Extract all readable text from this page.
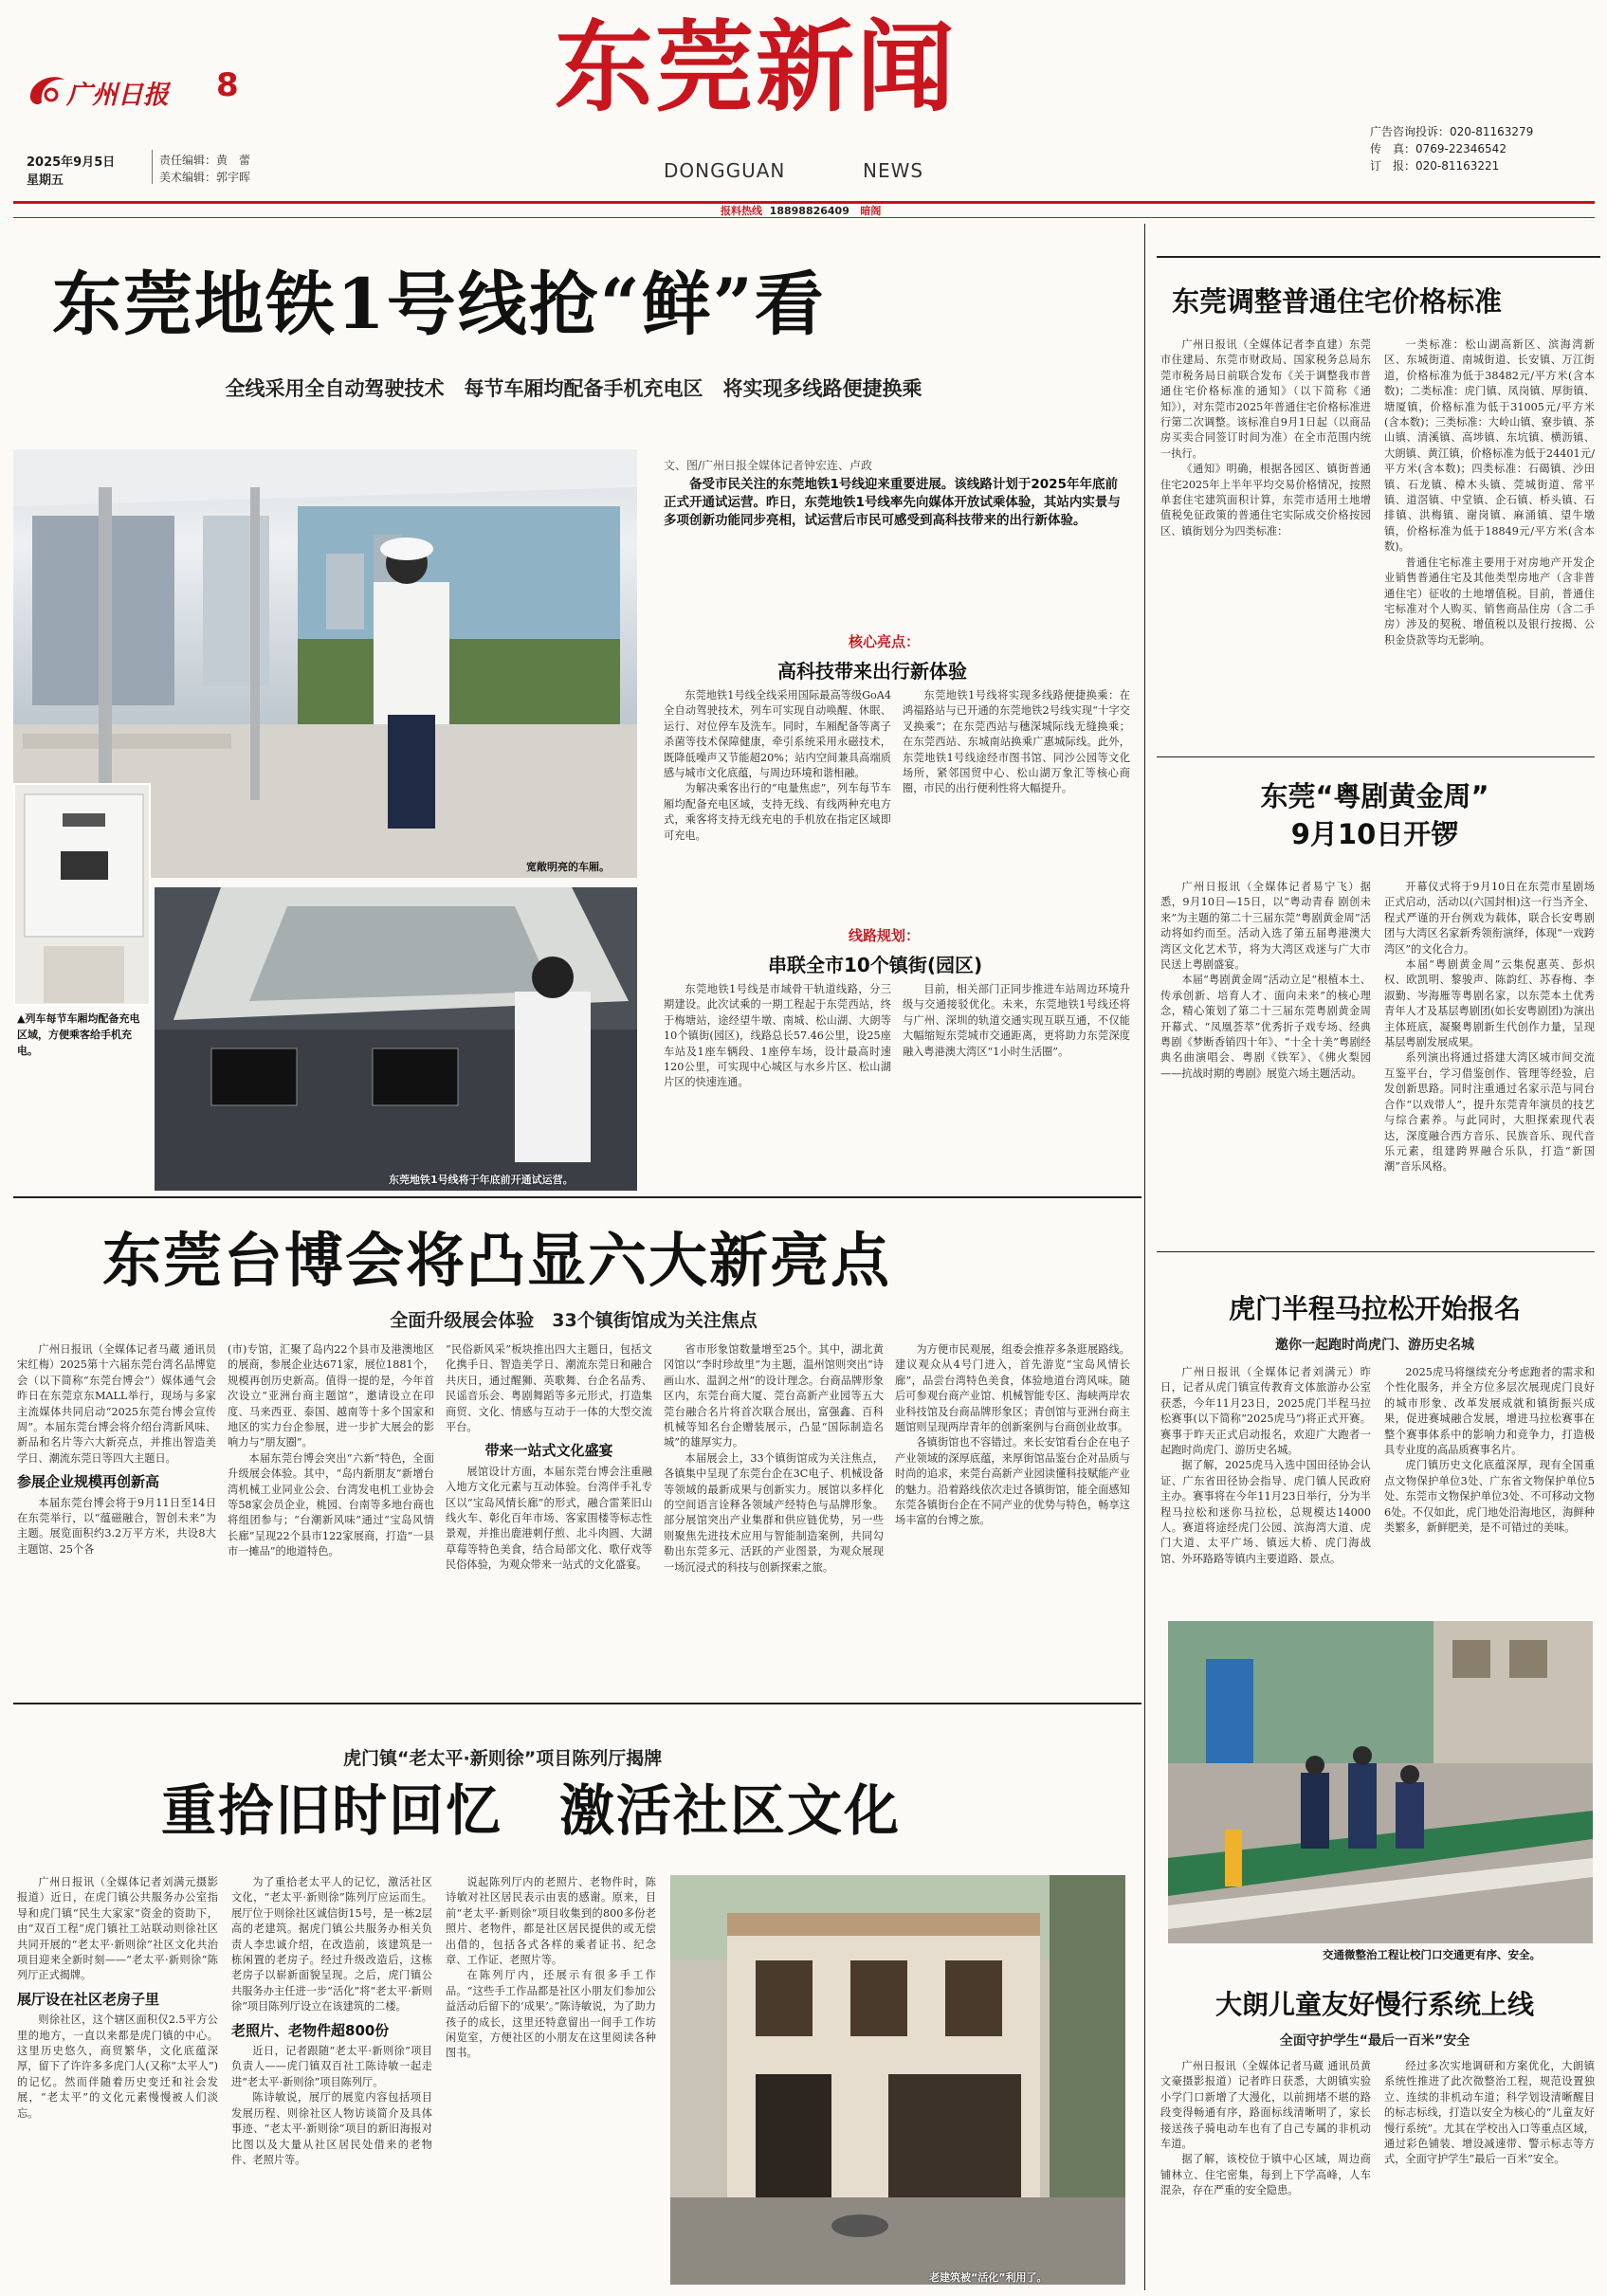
广州日报 8	东莞新闻
DONGGUAN	NEWS
2025年9月5日
星期五
责任编辑：黄　蕾
美术编辑：郭宇晖
广告咨询投诉：020-81163279
传　真：0769-22346542
订　报：020-81163221
报料热线 18898826409 暗阁
东莞地铁1号线抢“鲜”看
全线采用全自动驾驶技术　每节车厢均配备手机充电区　将实现多线路便捷换乘
▲列车每节车厢均配备充电区域，方便乘客给手机充电。
宽敞明亮的车厢。
东莞地铁1号线将于年底前开通试运营。
文、图/广州日报全媒体记者钟宏连、卢政
备受市民关注的东莞地铁1号线迎来重要进展。该线路计划于2025年年底前正式开通试运营。昨日，东莞地铁1号线率先向媒体开放试乘体验，其站内实景与多项创新功能同步亮相，试运营后市民可感受到高科技带来的出行新体验。
核心亮点：
高科技带来出行新体验

东莞地铁1号线全线采用国际最高等级GoA4全自动驾驶技术，列车可实现自动唤醒、休眠、运行、对位停车及洗车。同时，车厢配备等离子杀菌等技术保障健康，牵引系统采用永磁技术，既降低噪声又节能超20%；站内空间兼具高端质感与城市文化底蕴，与周边环境和谐相融。

为解决乘客出行的“电量焦虑”，列车每节车厢均配备充电区域，支持无线、有线两种充电方式，乘客将支持无线充电的手机放在指定区域即可充电。

东莞地铁1号线将实现多线路便捷换乘：在鸿福路站与已开通的东莞地铁2号线实现“十字交叉换乘”；在东莞西站与穗深城际线无缝换乘；在东莞西站、东城南站换乘广惠城际线。此外，东莞地铁1号线途经市图书馆、同沙公园等文化场所，紧邻国贸中心、松山湖万象汇等核心商圈，市民的出行便利性将大幅提升。

线路规划：
串联全市10个镇街(园区)

东莞地铁1号线是市域骨干轨道线路，分三期建设。此次试乘的一期工程起于东莞西站，终于梅塘站，途经望牛墩、南城、松山湖、大朗等10个镇街(园区)，线路总长57.46公里，设25座车站及1座车辆段、1座停车场，设计最高时速120公里，可实现中心城区与水乡片区、松山湖片区的快速连通。

目前，相关部门正同步推进车站周边环境升级与交通接驳优化。未来，东莞地铁1号线还将与广州、深圳的轨道交通实现互联互通，不仅能大幅缩短东莞城市交通距离，更将助力东莞深度融入粤港澳大湾区“1小时生活圈”。

东莞台博会将凸显六大新亮点
全面升级展会体验　33个镇街馆成为关注焦点

广州日报讯（全媒体记者马蔵 通讯员宋红梅）2025第十六届东莞台湾名品博览会（以下简称“东莞台博会”）媒体通气会昨日在东莞京东MALL举行，现场与多家主流媒体共同启动“2025东莞台博会宣传周”。本届东莞台博会将介绍台湾新风味、新品和名片等六大新亮点，并推出智造美学日、潮流东莞日等四大主题日。

参展企业规模再创新高

本届东莞台博会将于9月11日至14日在东莞举行，以“蕴磁融合，智创未来”为主题。展览面积约3.2万平方米，共设8大主题馆、25个各

(市)专馆，汇聚了岛内22个县市及港澳地区的展商，参展企业达671家，展位1881个，规模再创历史新高。值得一提的是，今年首次设立“亚洲台商主题馆”，邀请设立在印度、马来西亚、泰国、越南等十多个国家和地区的实力台企参展，进一步扩大展会的影响力与“朋友圈”。

本届东莞台博会突出“六新”特色，全面升级展会体验。其中，“岛内新朋友”新增台湾机械工业同业公会、台湾发电机工业协会等58家会员企业，桃园、台南等多地台商也将组团参与；“台潮新风味”通过“宝岛风情长廊”呈现22个县市122家展商，打造“一县市一摊品”的地道特色。

“民俗新风采”板块推出四大主题日，包括文化携手日、智造美学日、潮流东莞日和融合共庆日，通过醒狮、英歌舞、台企名品秀、民谣音乐会、粤剧舞蹈等多元形式，打造集商贸、文化、情感与互动于一体的大型交流平台。

带来一站式文化盛宴

展馆设计方面，本届东莞台博会注重融入地方文化元素与互动体验。台湾伴手礼专区以“宝岛风情长廊”的形式，融合雷莱旧山线火车、彰化百年市场、客家围楼等标志性景观，并推出鹿港刺仔煎、北斗肉圆、大湖草莓等特色美食，结合局部文化、歌仔戏等民俗体验，为观众带来一站式的文化盛宴。

省市形象馆数量增至25个。其中，湖北黄冈馆以“李时珍故里”为主题，温州馆则突出“诗画山水、温润之州”的设计理念。台商品牌形象区内，东莞台商大厦、莞台高新产业园等五大莞台融合名片将首次联合展出，富强鑫、百科机械等知名台企赠装展示，凸显“国际制造名城”的雄厚实力。

本届展会上，33个镇街馆成为关注焦点，各镇集中呈现了东莞台企在3C电子、机械设备等领域的最新成果与创新实力。展馆以多样化的空间语言诠释各领域产经特色与品牌形象。部分展馆突出产业集群和供应链优势，另一些则聚焦先进技术应用与智能制造案例，共同勾勒出东莞多元、活跃的产业图景，为观众展现一场沉浸式的科技与创新探索之旅。

为方便市民观展，组委会推荐多条逛展路线。建议观众从4号门进入，首先游览“宝岛风情长廊”，品尝台湾特色美食，体验地道台湾风味。随后可参观台商产业馆、机械智能专区、海峡两岸农业科技馆及台商品牌形象区；青创馆与亚洲台商主题馆则呈现两岸青年的创新案例与台商创业故事。

各镇街馆也不容错过。来长安馆看台企在电子产业领域的深厚底蕴，来厚街馆品鉴台企对品质与时尚的追求，来莞台高新产业园读懂科技赋能产业的魅力。沿着路线依次走过各镇街馆，能全面感知东莞各镇街台企在不同产业的优势与特色，畅享这场丰富的台博之旅。

虎门镇“老太平·新则徐”项目陈列厅揭牌
重拾旧时回忆　激活社区文化

广州日报讯（全媒体记者刘满元摄影报道）近日，在虎门镇公共服务办公室指导和虎门镇“民生大家家”资金的资助下，由“双百工程”虎门镇社工站联动则徐社区共同开展的“老太平·新则徐”社区文化共治项目迎来全新时刻——“老太平·新则徐”陈列厅正式揭牌。

展厅设在社区老房子里

则徐社区，这个辖区面积仅2.5平方公里的地方，一直以来都是虎门镇的中心。这里历史悠久，商贸繁华，文化底蕴深厚，留下了许许多多虎门人(又称“太平人”)的记忆。然而伴随着历史变迁和社会发展，“老太平”的文化元素慢慢被人们淡忘。

为了重拾老太平人的记忆，激活社区文化，“老太平·新则徐”陈列厅应运而生。展厅位于则徐社区诚信街15号，是一栋2层高的老建筑。据虎门镇公共服务办相关负责人李忠诚介绍，在改造前，该建筑是一栋闲置的老房子。经过升级改造后，这栋老房子以崭新面貌呈现。之后，虎门镇公共服务办主任进一步“活化”将“老太平·新则徐”项目陈列厅设立在该建筑的二楼。

老照片、老物件超800份

近日，记者跟随“老太平·新则徐”项目负责人——虎门镇双百社工陈诗敏一起走进“老太平·新则徐”项目陈列厅。

陈诗敏说，展厅的展览内容包括项目发展历程、则徐社区人物访谈简介及具体事迹、“老太平·新则徐”项目的新旧海报对比图以及大量从社区居民处借来的老物件、老照片等。

说起陈列厅内的老照片、老物件时，陈诗敏对社区居民表示由衷的感谢。原来，目前“老太平·新则徐”项目收集到的800多份老照片、老物件，都是社区居民提供的或无偿出借的，包括各式各样的乘者证书、纪念章、工作证、老照片等。

在陈列厅内，还展示有很多手工作品。“这些手工作品都是社区小朋友们参加公益活动后留下的‘成果’。”陈诗敏说，为了助力孩子的成长，这里还特意留出一间手工作坊闲览室，方便社区的小朋友在这里阅读各种图书。

老建筑被“活化”利用了。
东莞调整普通住宅价格标准

广州日报讯（全媒体记者李直建）东莞市住建局、东莞市财政局、国家税务总局东莞市税务局日前联合发布《关于调整我市普通住宅价格标准的通知》（以下简称《通知》），对东莞市2025年普通住宅价格标准进行第二次调整。该标准自9月1日起（以商品房买卖合同签订时间为准）在全市范围内统一执行。

《通知》明确，根据各园区、镇街普通住宅2025年上半年平均交易价格情况，按照单套住宅建筑面积计算，东莞市适用土地增值税免征政策的普通住宅实际成交价格按园区、镇街划分为四类标准：

一类标准：松山湖高新区、滨海湾新区、东城街道、南城街道、长安镇、万江街道，价格标准为低于38482元/平方米(含本数)；二类标准：虎门镇、凤岗镇、厚街镇、塘厦镇，价格标准为低于31005元/平方米(含本数)；三类标准：大岭山镇、寮步镇、茶山镇、清溪镇、高埗镇、东坑镇、横沥镇、大朗镇、黄江镇，价格标准为低于24401元/平方米(含本数)；四类标准：石碣镇、沙田镇、石龙镇、樟木头镇、莞城街道、常平镇、道滘镇、中堂镇、企石镇、桥头镇、石排镇、洪梅镇、谢岗镇、麻涌镇、望牛墩镇，价格标准为低于18849元/平方米(含本数)。

普通住宅标准主要用于对房地产开发企业销售普通住宅及其他类型房地产（含非普通住宅）征收的土地增值税。目前，普通住宅标准对个人购买、销售商品住房（含二手房）涉及的契税、增值税以及银行按揭、公积金贷款等均无影响。

东莞“粤剧黄金周”
9月10日开锣

广州日报讯（全媒体记者易宁飞）据悉，9月10日—15日，以“粤动青春 剧创未来”为主题的第二十三届东莞“粤剧黄金周”活动将如约而至。活动入选了第五届粤港澳大湾区文化艺术节，将为大湾区戏迷与广大市民送上粤剧盛宴。

本届“粤剧黄金周”活动立足“根植本土、传承创新、培育人才、面向未来”的核心理念，精心策划了第二十三届东莞粤剧黄金周开幕式、“凤凰荟萃”优秀折子戏专场、经典粤剧《梦断香销四十年》、“十全十美”粤剧经典名曲演唱会、粤剧《铁军》、《佛火梨园——抗战时期的粤剧》展览六场主题活动。

开幕仪式将于9月10日在东莞市星剧场正式启动，活动以(六国封相)这一行当齐全、程式严谨的开台例戏为载体，联合长安粤剧团与大湾区名家新秀领衔演绎，体现“一戏跨湾区”的文化合力。

本届“粤剧黄金周”云集倪惠英、彭炽权、欧凯明、黎骏声、陈韵红、苏春梅、李淑勤、岑海雁等粤剧名家，以东莞本土优秀青年人才及基层粤剧团(如长安粤剧团)为演出主体班底，凝聚粤剧新生代创作力量，呈现基层粤剧发展成果。

系列演出将通过搭建大湾区城市间交流互鉴平台，学习借鉴创作、管理等经验，启发创新思路。同时注重通过名家示范与同台合作“以戏带人”，提升东莞青年演员的技艺与综合素养。与此同时，大胆探索现代表达，深度融合西方音乐、民族音乐、现代音乐元素，组建跨界融合乐队，打造“新国潮”音乐风格。

虎门半程马拉松开始报名
邀你一起跑时尚虎门、游历史名城

广州日报讯（全媒体记者刘满元）昨日，记者从虎门镇宣传教育文体旅游办公室获悉，今年11月23日，2025虎门半程马拉松赛事(以下简称“2025虎马”)将正式开赛。赛事于昨天正式启动报名，欢迎广大跑者一起跑时尚虎门、游历史名城。

据了解，2025虎马入选中国田径协会认证、广东省田径协会指导、虎门镇人民政府主办。赛事将在今年11月23日举行，分为半程马拉松和迷你马拉松，总规模达14000人。赛道将途经虎门公园、滨海湾大道、虎门大道、太平广场、镇远大桥、虎门海战馆、外环路路等镇内主要道路、景点。

2025虎马将继续充分考虑跑者的需求和个性化服务，并全方位多层次展现虎门良好的城市形象、改革发展成就和镇街振兴成果，促进赛城融合发展，增进马拉松赛事在整个赛事体系中的影响力和竞争力，打造极具专业度的高品质赛事名片。

虎门镇历史文化底蕴深厚，现有全国重点文物保护单位3处、广东省文物保护单位5处、东莞市文物保护单位3处、不可移动文物6处。不仅如此，虎门地处沿海地区，海鲜种类繁多，新鲜肥美，是不可错过的美味。

交通微整治工程让校门口交通更有序、安全。
大朗儿童友好慢行系统上线
全面守护学生“最后一百米”安全

广州日报讯（全媒体记者马蔵 通讯员黄文豪摄影报道）记者昨日获悉，大朗镇实验小学门口新增了大漫化，以前拥堵不堪的路段变得畅通有序，路面标线清晰明了，家长接送孩子骑电动车也有了自己专属的非机动车道。

据了解，该校位于镇中心区域，周边商铺林立、住宅密集，每到上下学高峰，人车混杂，存在严重的安全隐患。

经过多次实地调研和方案优化，大朗镇系统性推进了此次微整治工程，规范设置独立、连续的非机动车道；科学划设清晰醒目的标志标线，打造以安全为核心的“儿童友好慢行系统”。尤其在学校出入口等重点区域，通过彩色铺装、增设减速带、警示标志等方式，全面守护学生“最后一百米”安全。
